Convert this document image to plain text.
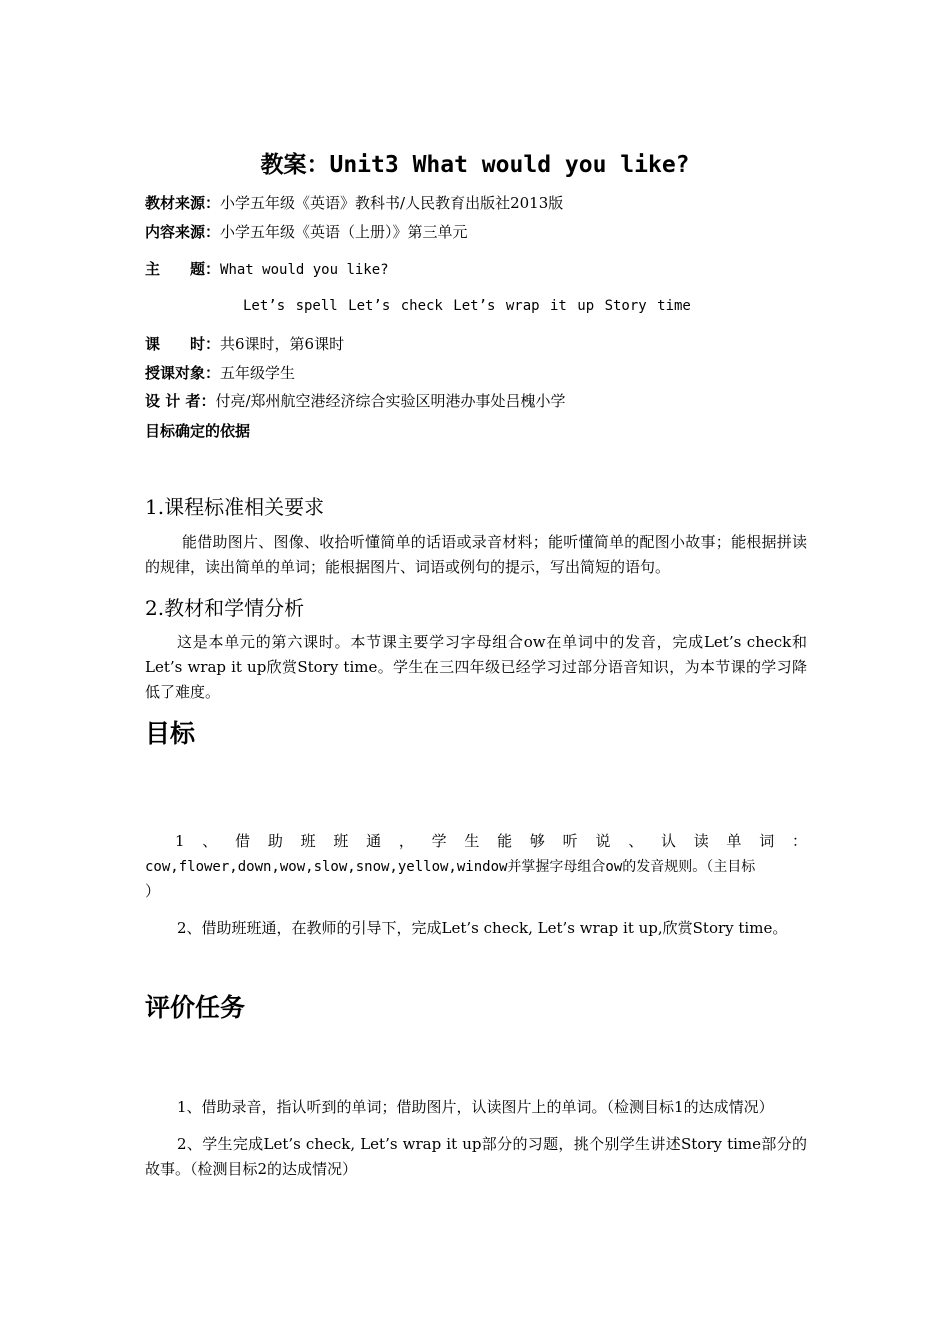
教案：Unit3 What would you like?
教材来源：小学五年级《英语》教科书/人民教育出版社2013版
内容来源：小学五年级《英语（上册）》第三单元
主　　题：What would you like?
Let’s spell Let’s check Let’s wrap it up Story time
课　　时：共6课时，第6课时
授课对象：五年级学生
设 计 者：付亮/郑州航空港经济综合实验区明港办事处吕槐小学
目标确定的依据
1.课程标准相关要求
能借助图片、图像、收拾听懂简单的话语或录音材料；能听懂简单的配图小故事；能根据拼读的规律，读出简单的单词；能根据图片、词语或例句的提示，写出简短的语句。
2.教材和学情分析
这是本单元的第六课时。本节课主要学习字母组合ow在单词中的发音，完成Let’s check和Let’s wrap it up欣赏Story time。学生在三四年级已经学习过部分语音知识，为本节课的学习降低了难度。
目标
1、借助班班通，学生能够听说、认读单词：
cow,flower,down,wow,slow,snow,yellow,window并掌握字母组合ow的发音规则。（主目标
）
2、借助班班通，在教师的引导下，完成Let’s check, Let’s wrap it up,欣赏Story time。
评价任务
1、借助录音，指认听到的单词；借助图片，认读图片上的单词。（检测目标1的达成情况）
2、学生完成Let’s check, Let’s wrap it up部分的习题，挑个别学生讲述Story time部分的故事。（检测目标2的达成情况）
